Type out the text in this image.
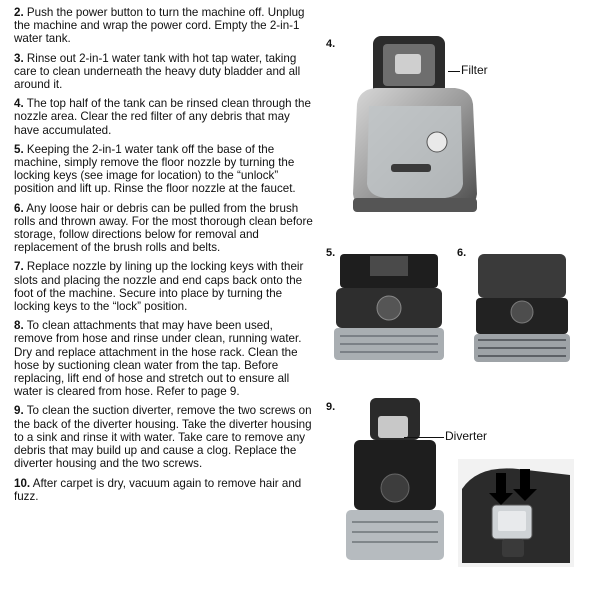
2. Push the power button to turn the machine off. Unplug the machine and wrap the power cord. Empty the 2-in-1 water tank.

3. Rinse out 2-in-1 water tank with hot tap water, taking care to clean underneath the heavy duty bladder and all around it.

4. The top half of the tank can be rinsed clean through the nozzle area. Clear the red filter of any debris that may have accumulated.

5. Keeping the 2-in-1 water tank off the base of the machine, simply remove the floor nozzle by turning the locking keys (see image for location) to the “unlock” position and lift up. Rinse the floor nozzle at the faucet.

6. Any loose hair or debris can be pulled from the brush rolls and thrown away. For the most thorough clean before storage, follow directions below for removal and replacement of the brush rolls and belts.

7. Replace nozzle by lining up the locking keys with their slots and placing the nozzle and end caps back onto the foot of the machine. Secure into place by turning the locking keys to the “lock” position.

8. To clean attachments that may have been used, remove from hose and rinse under clean, running water. Dry and replace attachment in the hose rack. Clean the hose by suctioning clean water from the tap. Before replacing, lift end of hose and stretch out to ensure all water is cleared from hose. Refer to page 9.

9. To clean the suction diverter, remove the two screws on the back of the diverter housing. Take the diverter housing to a sink and rinse it with water. Take care to remove any debris that may build up and cause a clog. Replace the diverter housing and the two screws.

10. After carpet is dry, vacuum again to remove hair and fuzz.

4.
Filter
5.	6.
9.
Diverter
